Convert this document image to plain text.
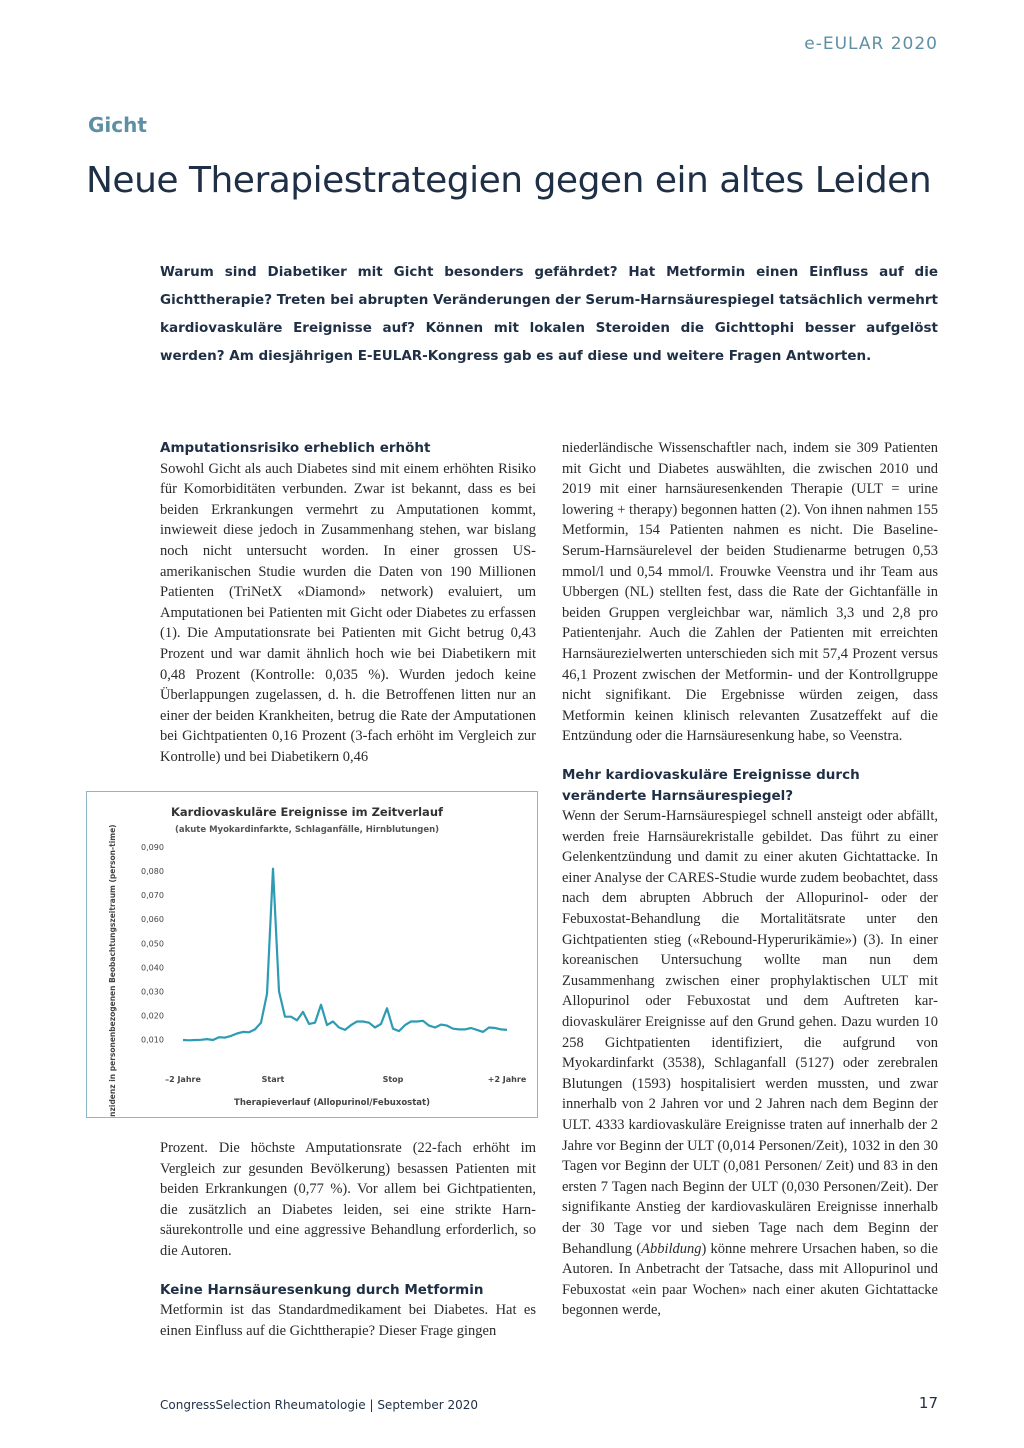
e-EULAR 2020
Gicht
Neue Therapiestrategien gegen ein altes Leiden
Warum sind Diabetiker mit Gicht besonders gefährdet? Hat Metformin einen Einfluss auf die Gichttherapie? Treten bei abrupten Veränderungen der Serum-Harnsäurespiegel tatsächlich vermehrt kardiovaskuläre Ereignisse auf? Können mit lokalen Steroiden die Gichttophi besser aufgelöst werden? Am diesjährigen E-EULAR-Kongress gab es auf diese und weitere Fragen Antworten.
Amputationsrisiko erheblich erhöht

Sowohl Gicht als auch Diabetes sind mit einem erhöhten Risiko für Komorbiditäten verbunden. Zwar ist bekannt, dass es bei beiden Erkrankungen vermehrt zu Amputationen kommt, inwieweit diese jedoch in Zusammenhang stehen, war bislang noch nicht untersucht worden. In einer grossen US-amerikanischen Studie wurden die Daten von 190 Millionen Patienten (TriNetX «Diamond» network) evaluiert, um Amputationen bei Patienten mit Gicht oder Diabetes zu erfassen (1). Die Amputationsrate bei Patienten mit Gicht betrug 0,43 Prozent und war damit ähnlich hoch wie bei Diabetikern mit 0,48 Prozent (Kontrolle: 0,035 %). Wurden jedoch keine Überlappungen zugelassen, d. h. die Betroffenen litten nur an einer der beiden Krankheiten, betrug die Rate der Amputationen bei Gichtpatienten 0,16 Prozent (3-fach erhöht im Vergleich zur Kontrolle) und bei Diabetikern 0,46

Kardiovaskuläre Ereignisse im Zeitverlauf
(akute Myokardinfarkte, Schlaganfälle, Hirnblutungen)
Inzidenz in personenbezogenen Beobachtungszeitraum (person-time)	Therapieverlauf (Allopurinol/Febuxostat)
0,010
0,020
0,030
0,040
0,050
0,060
0,070
0,080
0,090
–2 Jahre	Start	Stop	+2 Jahre

Prozent. Die höchste Amputationsrate (22-fach erhöht im Vergleich zur gesunden Bevölkerung) besassen Patienten mit beiden Erkrankungen (0,77 %). Vor allem bei Gichtpatienten, die zusätzlich an Diabetes leiden, sei eine strikte Harnsäurekontrolle und eine aggressive Behandlung erforderlich, so die Autoren.

Keine Harnsäuresenkung durch Metformin

Metformin ist das Standardmedikament bei Diabetes. Hat es einen Einfluss auf die Gichttherapie? Dieser Frage gingen

niederländische Wissenschaftler nach, indem sie 309 Patienten mit Gicht und Diabetes auswählten, die zwischen 2010 und 2019 mit einer harnsäuresenkenden Therapie (ULT = urine lowering + therapy) begonnen hatten (2). Von ihnen nahmen 155 Metformin, 154 Patienten nahmen es nicht. Die Baseline-Serum-Harnsäurelevel der beiden Studienarme betrugen 0,53 mmol/l und 0,54 mmol/l. Frouwke Veenstra und ihr Team aus Ubbergen (NL) stellten fest, dass die Rate der Gichtanfälle in beiden Gruppen vergleichbar war, nämlich 3,3 und 2,8 pro Patientenjahr. Auch die Zahlen der Patienten mit erreichten Harnsäurezielwerten unterschieden sich mit 57,4 Prozent versus 46,1 Prozent zwischen der Metformin- und der Kontrollgruppe nicht signifikant. Die Ergebnisse würden zeigen, dass Metformin keinen klinisch relevanten Zusatzeffekt auf die Entzündung oder die Harnsäuresenkung habe, so Veenstra.

Mehr kardiovaskuläre Ereignisse durch veränderte Harnsäurespiegel?

Wenn der Serum-Harnsäurespiegel schnell ansteigt oder abfällt, werden freie Harnsäurekristalle gebildet. Das führt zu einer Gelenkentzündung und damit zu einer akuten Gichtattacke. In einer Analyse der CARES-Studie wurde zudem beobachtet, dass nach dem abrupten Abbruch der Allopurinol- oder der Febuxostat-Behandlung die Mortalitätsrate unter den Gichtpatienten stieg («Rebound-Hyperurikämie») (3). In einer koreanischen Untersuchung wollte man nun dem Zusammenhang zwischen einer prophylaktischen ULT mit Allopurinol oder Febuxostat und dem Auftreten kardiovaskulärer Ereignisse auf den Grund gehen. Dazu wurden 10 258 Gichtpatienten identifiziert, die aufgrund von Myokardinfarkt (3538), Schlaganfall (5127) oder zerebralen Blutungen (1593) hospitalisiert werden mussten, und zwar innerhalb von 2 Jahren vor und 2 Jahren nach dem Beginn der ULT. 4333 kardiovaskuläre Ereignisse traten auf innerhalb der 2 Jahre vor Beginn der ULT (0,014 Personen/Zeit), 1032 in den 30 Tagen vor Beginn der ULT (0,081 Personen/ Zeit) und 83 in den ersten 7 Tagen nach Beginn der ULT (0,030 Personen/Zeit). Der signifikante Anstieg der kardiovaskulären Ereignisse innerhalb der 30 Tage vor und sieben Tage nach dem Beginn der Behandlung (Abbildung) könne mehrere Ursachen haben, so die Autoren. In Anbetracht der Tatsache, dass mit Allopurinol und Febuxostat «ein paar Wochen» nach einer akuten Gichtattacke begonnen werde,

CongressSelection Rheumatologie | September 2020	17
